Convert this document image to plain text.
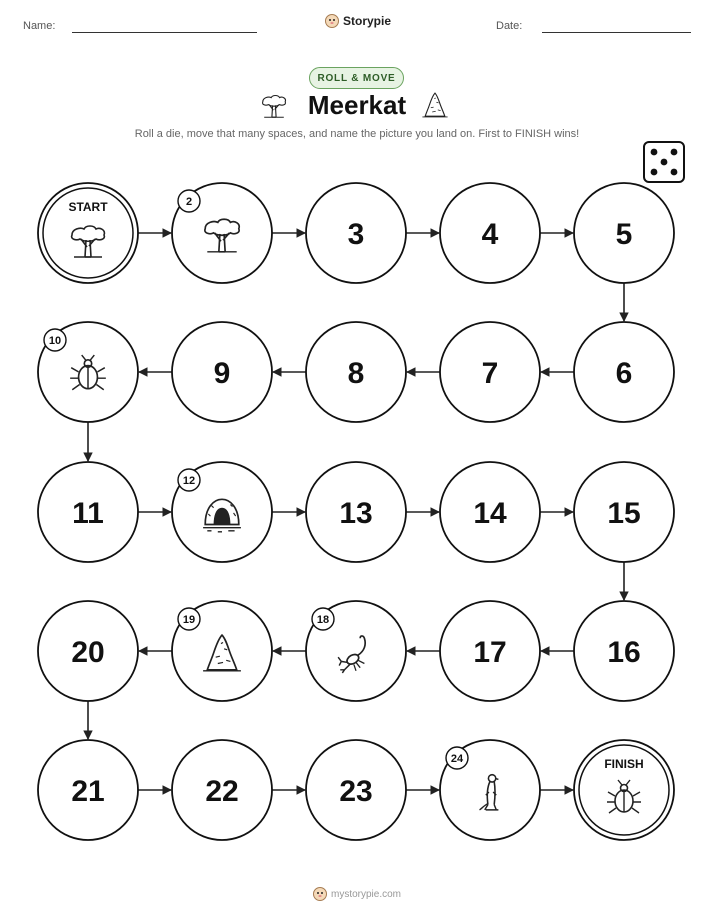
Name:	Storypie	Date:
ROLL & MOVE
Meerkat
Roll a die, move that many spaces, and name the picture you land on. First to FINISH wins!
START	2
3	4	5
6
7
8
9
10
11
12
13	14	15
16
17
18
19
20
21	22	23
24	FINISH
mystorypie.com
